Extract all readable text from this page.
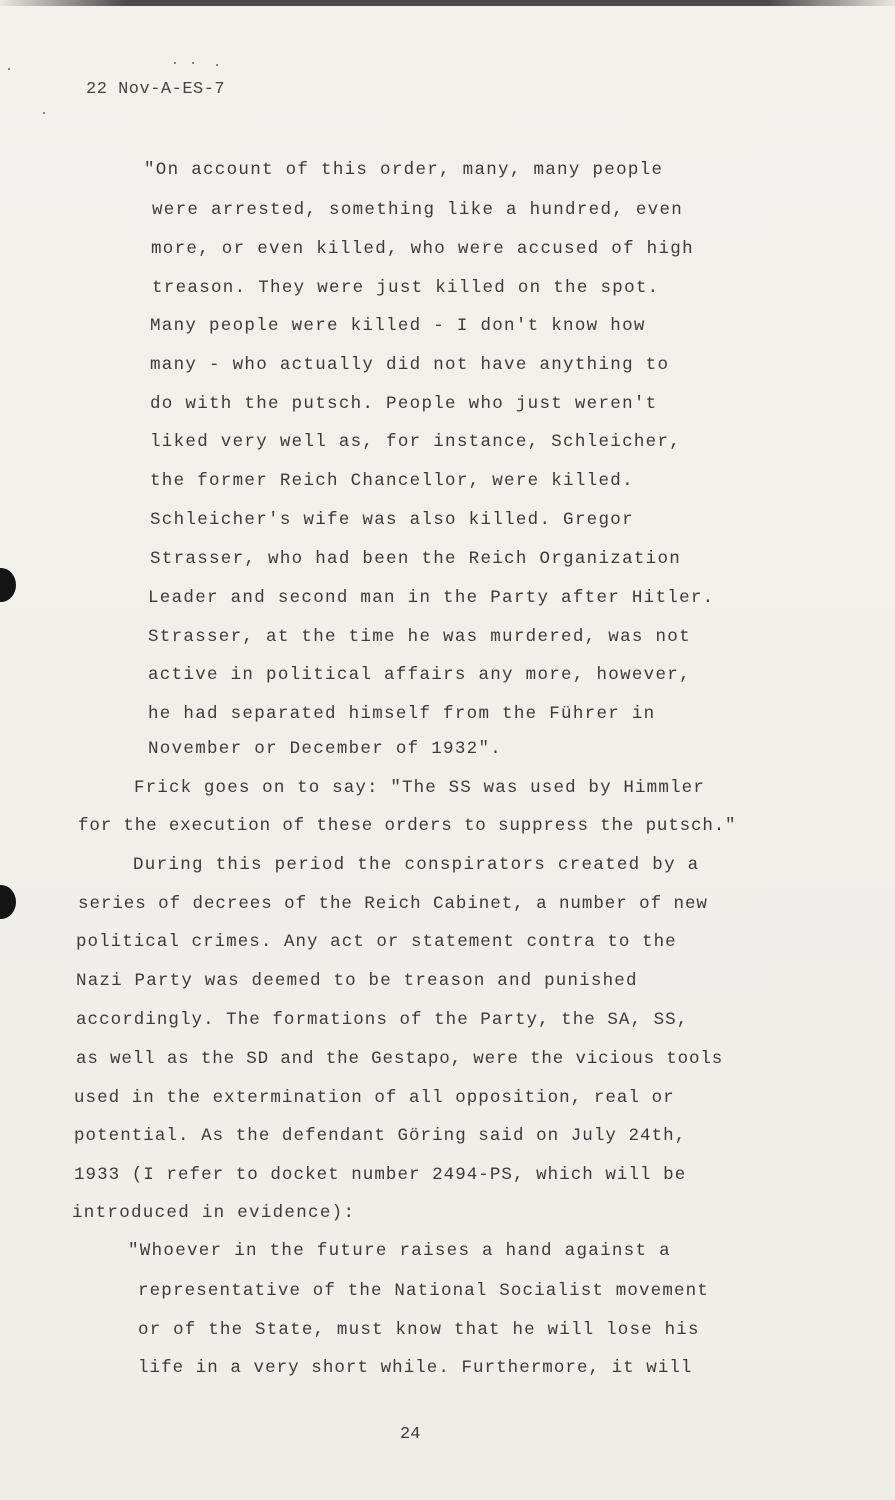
22 Nov-A-ES-7
"On account of this order, many, many people
were arrested, something like a hundred, even
more, or even killed, who were accused of high
treason. They were just killed on the spot.
Many people were killed - I don't know how
many - who actually did not have anything to
do with the putsch. People who just weren't
liked very well as, for instance, Schleicher,
the former Reich Chancellor, were killed.
Schleicher's wife was also killed. Gregor
Strasser, who had been the Reich Organization
Leader and second man in the Party after Hitler.
Strasser, at the time he was murdered, was not
active in political affairs any more, however,
he had separated himself from the Führer in
November or December of 1932".
Frick goes on to say: "The SS was used by Himmler
for the execution of these orders to suppress the putsch."
During this period the conspirators created by a
series of decrees of the Reich Cabinet, a number of new
political crimes. Any act or statement contra to the
Nazi Party was deemed to be treason and punished
accordingly. The formations of the Party, the SA, SS,
as well as the SD and the Gestapo, were the vicious tools
used in the extermination of all opposition, real or
potential. As the defendant Göring said on July 24th,
1933 (I refer to docket number 2494-PS, which will be
introduced in evidence):
"Whoever in the future raises a hand against a
representative of the National Socialist movement
or of the State, must know that he will lose his
life in a very short while. Furthermore, it will
24
